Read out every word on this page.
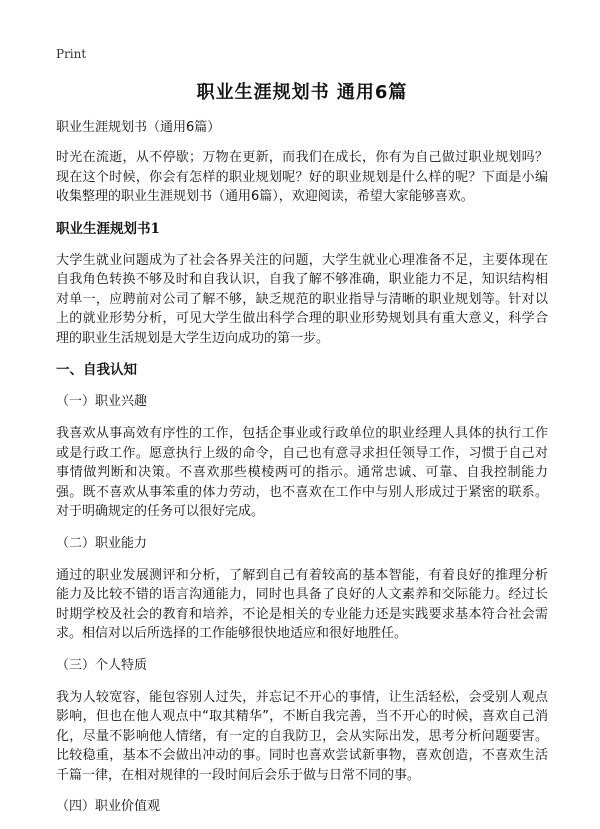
Print
职业生涯规划书 通用6篇
职业生涯规划书（通用6篇）
时光在流逝，从不停歇；万物在更新，而我们在成长，你有为自己做过职业规划吗？现在这个时候，你会有怎样的职业规划呢？好的职业规划是什么样的呢？下面是小编收集整理的职业生涯规划书（通用6篇），欢迎阅读，希望大家能够喜欢。
职业生涯规划书1
大学生就业问题成为了社会各界关注的问题，大学生就业心理准备不足，主要体现在自我角色转换不够及时和自我认识，自我了解不够准确，职业能力不足，知识结构相对单一，应聘前对公司了解不够，缺乏规范的职业指导与清晰的职业规划等。针对以上的就业形势分析，可见大学生做出科学合理的职业形势规划具有重大意义，科学合理的职业生活规划是大学生迈向成功的第一步。
一、自我认知
（一）职业兴趣
我喜欢从事高效有序性的工作，包括企事业或行政单位的职业经理人具体的执行工作或是行政工作。愿意执行上级的命令，自己也有意寻求担任领导工作，习惯于自己对事情做判断和决策。不喜欢那些模棱两可的指示。通常忠诚、可靠、自我控制能力强。既不喜欢从事笨重的体力劳动，也不喜欢在工作中与别人形成过于紧密的联系。对于明确规定的任务可以很好完成。
（二）职业能力
通过的职业发展测评和分析，了解到自己有着较高的基本智能，有着良好的推理分析能力及比较不错的语言沟通能力，同时也具备了良好的人文素养和交际能力。经过长时期学校及社会的教育和培养，不论是相关的专业能力还是实践要求基本符合社会需求。相信对以后所选择的工作能够很快地适应和很好地胜任。
（三）个人特质
我为人较宽容，能包容别人过失，并忘记不开心的事情，让生活轻松，会受别人观点影响，但也在他人观点中“取其精华”，不断自我完善，当不开心的时候，喜欢自己消化，尽量不影响他人情绪，有一定的自我防卫，会从实际出发，思考分析问题要害。比较稳重，基本不会做出冲动的事。同时也喜欢尝试新事物，喜欢创造，不喜欢生活千篇一律，在相对规律的一段时间后会乐于做与日常不同的事。
（四）职业价值观
